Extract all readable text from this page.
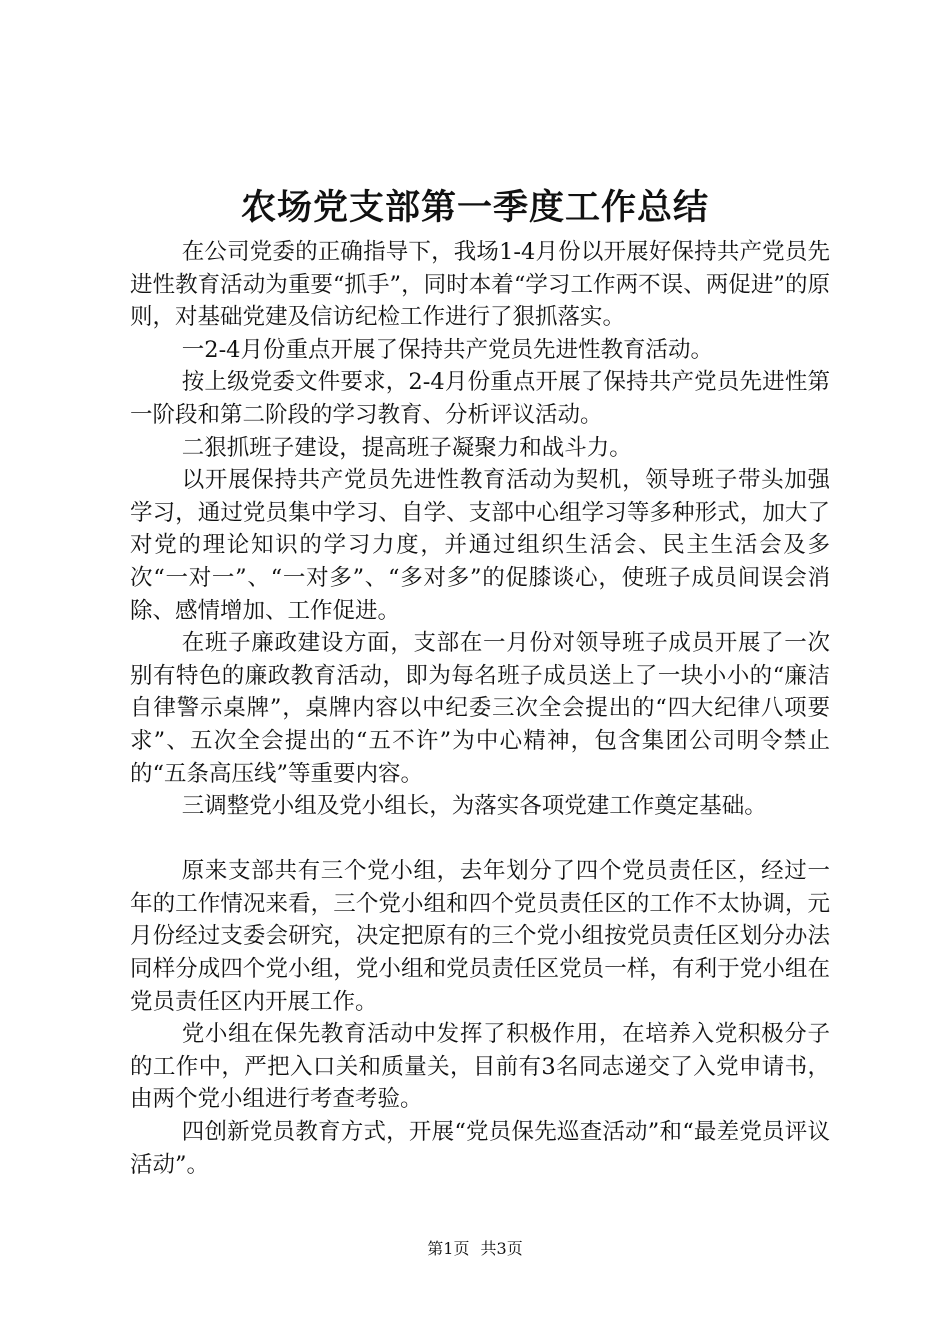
农场党支部第一季度工作总结

在公司党委的正确指导下，我场1-4月份以开展好保持共产党员先进性教育活动为重要“抓手”，同时本着“学习工作两不误、两促进”的原则，对基础党建及信访纪检工作进行了狠抓落实。

一2-4月份重点开展了保持共产党员先进性教育活动。

按上级党委文件要求，2-4月份重点开展了保持共产党员先进性第一阶段和第二阶段的学习教育、分析评议活动。

二狠抓班子建设，提高班子凝聚力和战斗力。

以开展保持共产党员先进性教育活动为契机，领导班子带头加强学习，通过党员集中学习、自学、支部中心组学习等多种形式，加大了对党的理论知识的学习力度，并通过组织生活会、民主生活会及多次“一对一”、“一对多”、“多对多”的促膝谈心，使班子成员间误会消除、感情增加、工作促进。

在班子廉政建设方面，支部在一月份对领导班子成员开展了一次别有特色的廉政教育活动，即为每名班子成员送上了一块小小的“廉洁自律警示桌牌”，桌牌内容以中纪委三次全会提出的“四大纪律八项要求”、五次全会提出的“五不许”为中心精神，包含集团公司明令禁止的“五条高压线”等重要内容。

三调整党小组及党小组长，为落实各项党建工作奠定基础。

原来支部共有三个党小组，去年划分了四个党员责任区，经过一年的工作情况来看，三个党小组和四个党员责任区的工作不太协调，元月份经过支委会研究，决定把原有的三个党小组按党员责任区划分办法同样分成四个党小组，党小组和党员责任区党员一样，有利于党小组在党员责任区内开展工作。

党小组在保先教育活动中发挥了积极作用，在培养入党积极分子的工作中，严把入口关和质量关，目前有3名同志递交了入党申请书，由两个党小组进行考查考验。

四创新党员教育方式，开展“党员保先巡查活动”和“最差党员评议活动”。

第1页 共3页
